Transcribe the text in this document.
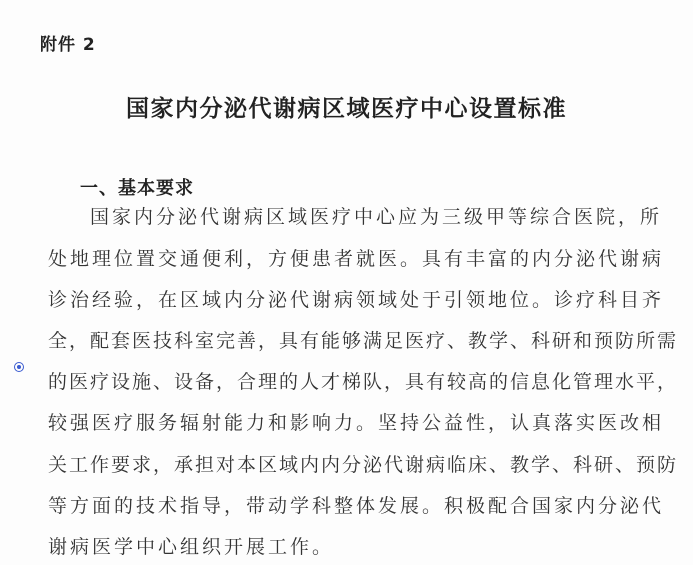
附件 2
国家内分泌代谢病区域医疗中心设置标准
一、基本要求
国家内分泌代谢病区域医疗中心应为三级甲等综合医院，所
处地理位置交通便利，方便患者就医。具有丰富的内分泌代谢病
诊治经验，在区域内分泌代谢病领域处于引领地位。诊疗科目齐
全，配套医技科室完善，具有能够满足医疗、教学、科研和预防所需
的医疗设施、设备，合理的人才梯队，具有较高的信息化管理水平，
较强医疗服务辐射能力和影响力。坚持公益性，认真落实医改相
关工作要求，承担对本区域内内分泌代谢病临床、教学、科研、预防
等方面的技术指导，带动学科整体发展。积极配合国家内分泌代
谢病医学中心组织开展工作。
